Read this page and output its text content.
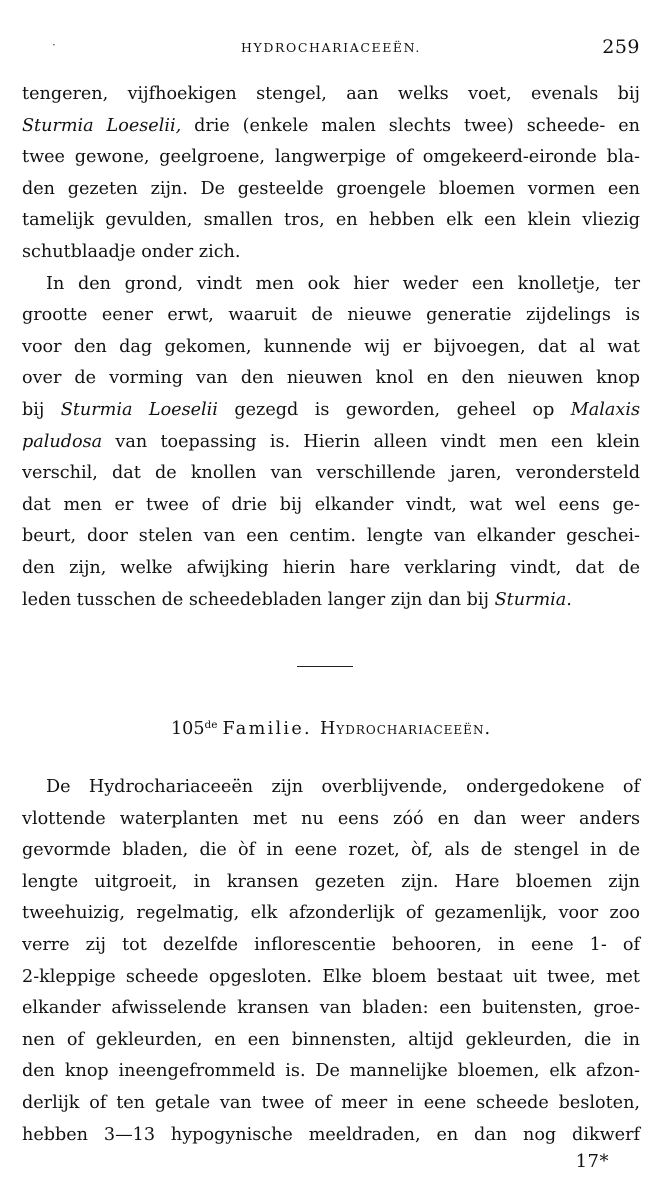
·	HYDROCHARIACEEËN.	259
tengeren, vijfhoekigen stengel, aan welks voet, evenals bij
Sturmia Loeselii, drie (enkele malen slechts twee) scheede- en
twee gewone, geelgroene, langwerpige of omgekeerd-eironde bla-
den gezeten zijn. De gesteelde groengele bloemen vormen een
tamelijk gevulden, smallen tros, en hebben elk een klein vliezig
schutblaadje onder zich.
In den grond, vindt men ook hier weder een knolletje, ter
grootte eener erwt, waaruit de nieuwe generatie zijdelings is
voor den dag gekomen, kunnende wij er bijvoegen, dat al wat
over de vorming van den nieuwen knol en den nieuwen knop
bij Sturmia Loeselii gezegd is geworden, geheel op Malaxis
paludosa van toepassing is. Hierin alleen vindt men een klein
verschil, dat de knollen van verschillende jaren, verondersteld
dat men er twee of drie bij elkander vindt, wat wel eens ge-
beurt, door stelen van een centim. lengte van elkander geschei-
den zijn, welke afwijking hierin hare verklaring vindt, dat de
leden tusschen de scheedebladen langer zijn dan bij Sturmia.
105de Familie. Hydrochariaceeën.
De Hydrochariaceeën zijn overblijvende, ondergedokene of
vlottende waterplanten met nu eens zóó en dan weer anders
gevormde bladen, die òf in eene rozet, òf, als de stengel in de
lengte uitgroeit, in kransen gezeten zijn. Hare bloemen zijn
tweehuizig, regelmatig, elk afzonderlijk of gezamenlijk, voor zoo
verre zij tot dezelfde inflorescentie behooren, in eene 1- of
2-kleppige scheede opgesloten. Elke bloem bestaat uit twee, met
elkander afwisselende kransen van bladen: een buitensten, groe-
nen of gekleurden, en een binnensten, altijd gekleurden, die in
den knop ineengefrommeld is. De mannelijke bloemen, elk afzon-
derlijk of ten getale van twee of meer in eene scheede besloten,
hebben 3—13 hypogynische meeldraden, en dan nog dikwerf
17*
